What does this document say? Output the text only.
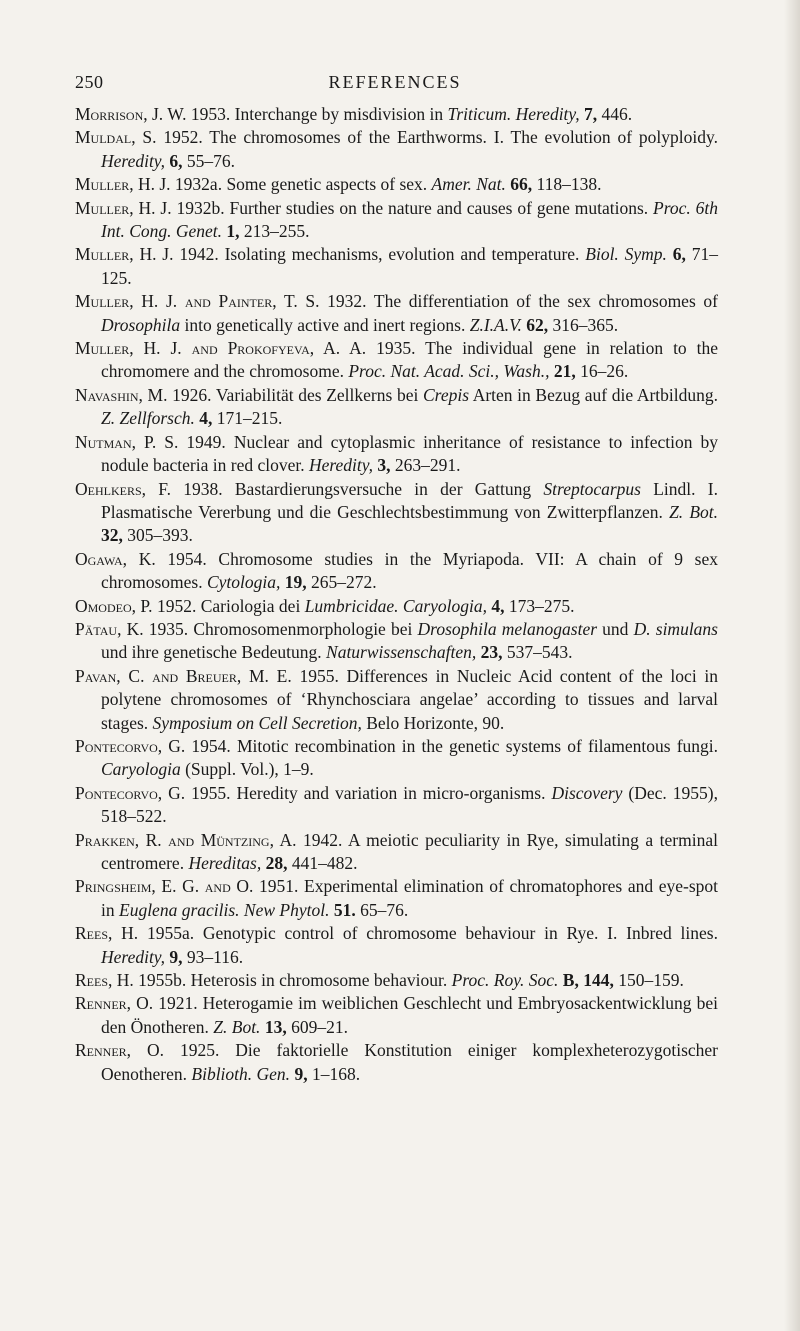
250	REFERENCES

Morrison, J. W. 1953. Interchange by misdivision in Triticum. Heredity, 7, 446.

Muldal, S. 1952. The chromosomes of the Earthworms. I. The evolution of polyploidy. Heredity, 6, 55–76.

Muller, H. J. 1932a. Some genetic aspects of sex. Amer. Nat. 66, 118–138.

Muller, H. J. 1932b. Further studies on the nature and causes of gene mutations. Proc. 6th Int. Cong. Genet. 1, 213–255.

Muller, H. J. 1942. Isolating mechanisms, evolution and temperature. Biol. Symp. 6, 71–125.

Muller, H. J. and Painter, T. S. 1932. The differentiation of the sex chromosomes of Drosophila into genetically active and inert regions. Z.I.A.V. 62, 316–365.

Muller, H. J. and Prokofyeva, A. A. 1935. The individual gene in relation to the chromomere and the chromosome. Proc. Nat. Acad. Sci., Wash., 21, 16–26.

Navashin, M. 1926. Variabilität des Zellkerns bei Crepis Arten in Bezug auf die Artbildung. Z. Zellforsch. 4, 171–215.

Nutman, P. S. 1949. Nuclear and cytoplasmic inheritance of resistance to infection by nodule bacteria in red clover. Heredity, 3, 263–291.

Oehlkers, F. 1938. Bastardierungsversuche in der Gattung Streptocarpus Lindl. I. Plasmatische Vererbung und die Geschlechtsbestimmung von Zwitterpflanzen. Z. Bot. 32, 305–393.

Ogawa, K. 1954. Chromosome studies in the Myriapoda. VII: A chain of 9 sex chromosomes. Cytologia, 19, 265–272.

Omodeo, P. 1952. Cariologia dei Lumbricidae. Caryologia, 4, 173–275.

Pätau, K. 1935. Chromosomenmorphologie bei Drosophila melanogaster und D. simulans und ihre genetische Bedeutung. Naturwissenschaften, 23, 537–543.

Pavan, C. and Breuer, M. E. 1955. Differences in Nucleic Acid content of the loci in polytene chromosomes of ‘Rhynchosciara angelae’ according to tissues and larval stages. Symposium on Cell Secretion, Belo Horizonte, 90.

Pontecorvo, G. 1954. Mitotic recombination in the genetic systems of filamentous fungi. Caryologia (Suppl. Vol.), 1–9.

Pontecorvo, G. 1955. Heredity and variation in micro-organisms. Discovery (Dec. 1955), 518–522.

Prakken, R. and Müntzing, A. 1942. A meiotic peculiarity in Rye, simulating a terminal centromere. Hereditas, 28, 441–482.

Pringsheim, E. G. and O. 1951. Experimental elimination of chromatophores and eye-spot in Euglena gracilis. New Phytol. 51. 65–76.

Rees, H. 1955a. Genotypic control of chromosome behaviour in Rye. I. Inbred lines. Heredity, 9, 93–116.

Rees, H. 1955b. Heterosis in chromosome behaviour. Proc. Roy. Soc. B, 144, 150–159.

Renner, O. 1921. Heterogamie im weiblichen Geschlecht und Embryosackentwicklung bei den Önotheren. Z. Bot. 13, 609–21.

Renner, O. 1925. Die faktorielle Konstitution einiger komplexheterozygotischer Oenotheren. Biblioth. Gen. 9, 1–168.
